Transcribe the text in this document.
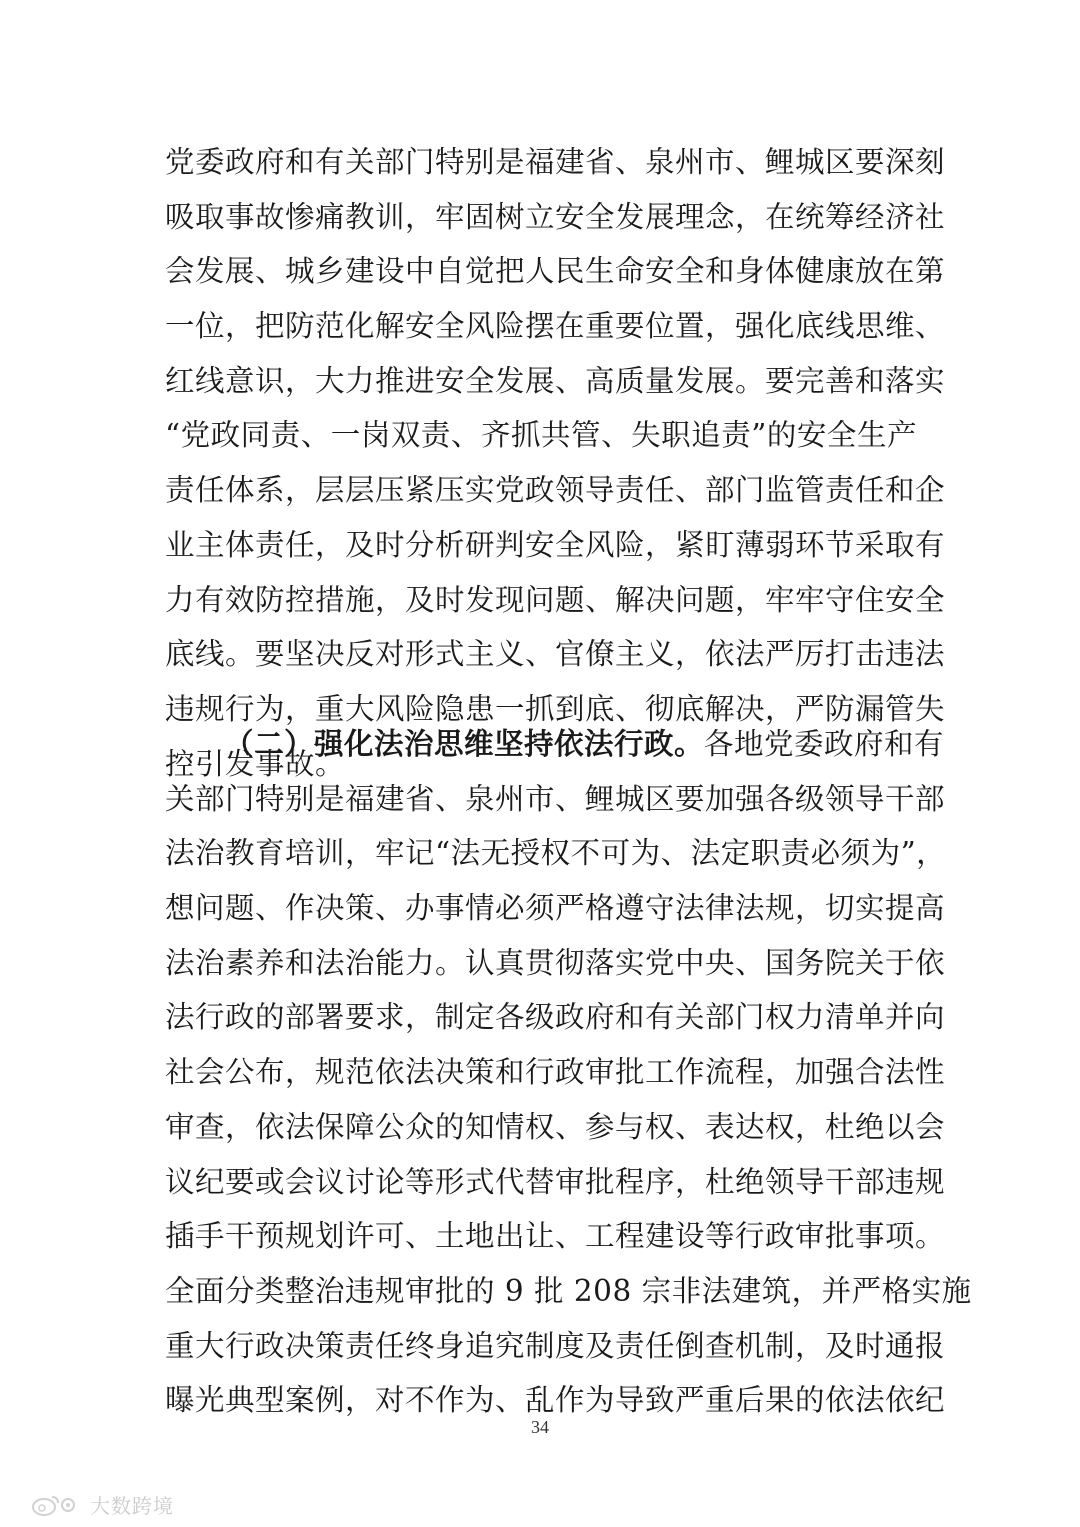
党委政府和有关部门特别是福建省、泉州市、鲤城区要深刻
吸取事故惨痛教训，牢固树立安全发展理念，在统筹经济社
会发展、城乡建设中自觉把人民生命安全和身体健康放在第
一位，把防范化解安全风险摆在重要位置，强化底线思维、
红线意识，大力推进安全发展、高质量发展。要完善和落实
“党政同责、一岗双责、齐抓共管、失职追责”的安全生产
责任体系，层层压紧压实党政领导责任、部门监管责任和企
业主体责任，及时分析研判安全风险，紧盯薄弱环节采取有
力有效防控措施，及时发现问题、解决问题，牢牢守住安全
底线。要坚决反对形式主义、官僚主义，依法严厉打击违法
违规行为，重大风险隐患一抓到底、彻底解决，严防漏管失
控引发事故。
（二）强化法治思维坚持依法行政。各地党委政府和有
关部门特别是福建省、泉州市、鲤城区要加强各级领导干部
法治教育培训，牢记“法无授权不可为、法定职责必须为”，
想问题、作决策、办事情必须严格遵守法律法规，切实提高
法治素养和法治能力。认真贯彻落实党中央、国务院关于依
法行政的部署要求，制定各级政府和有关部门权力清单并向
社会公布，规范依法决策和行政审批工作流程，加强合法性
审查，依法保障公众的知情权、参与权、表达权，杜绝以会
议纪要或会议讨论等形式代替审批程序，杜绝领导干部违规
插手干预规划许可、土地出让、工程建设等行政审批事项。
全面分类整治违规审批的 9 批 208 宗非法建筑，并严格实施
重大行政决策责任终身追究制度及责任倒查机制，及时通报
曝光典型案例，对不作为、乱作为导致严重后果的依法依纪
34
大数跨境
